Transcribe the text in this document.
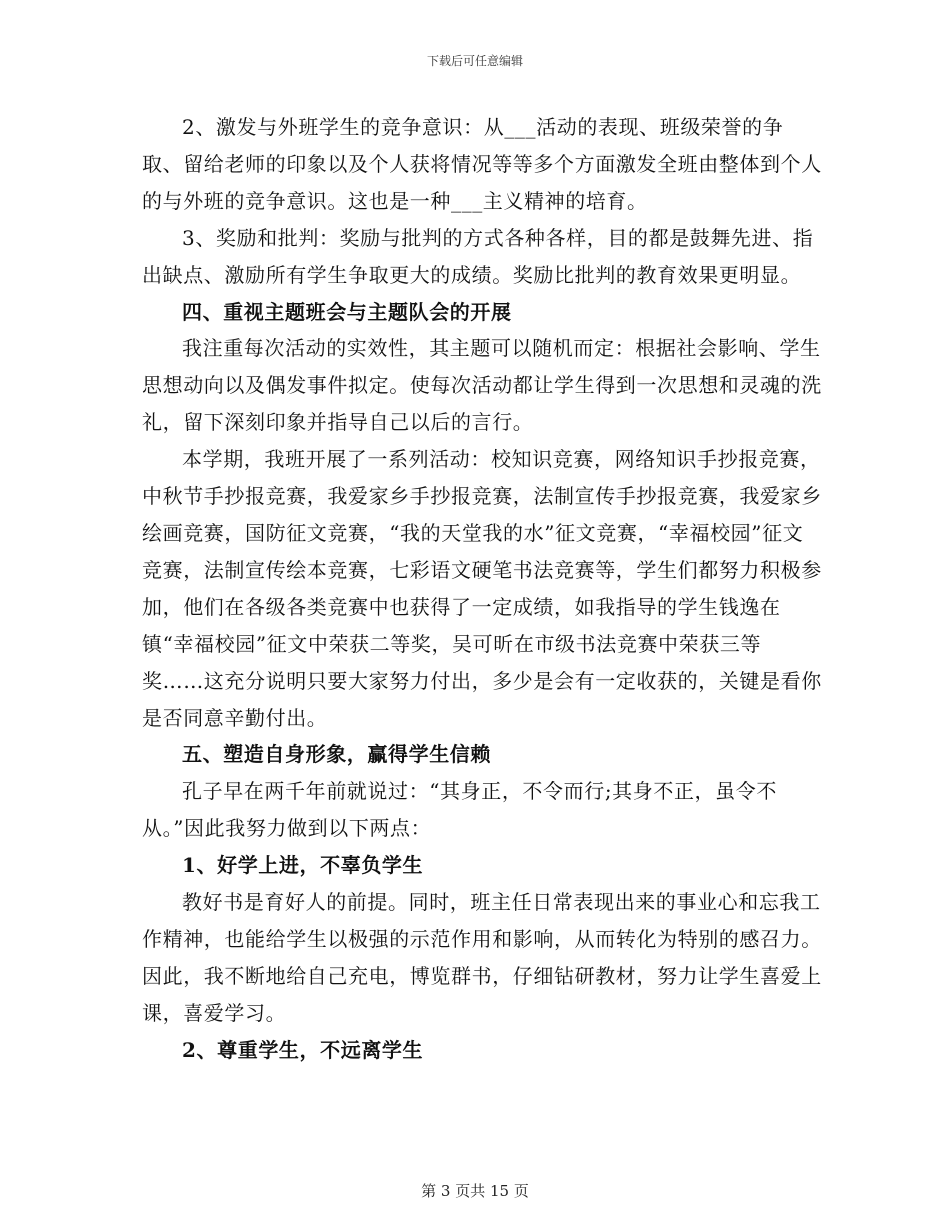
下载后可任意编辑

2、激发与外班学生的竞争意识：从___活动的表现、班级荣誉的争取、留给老师的印象以及个人获将情况等等多个方面激发全班由整体到个人的与外班的竞争意识。这也是一种___主义精神的培育。

3、奖励和批判：奖励与批判的方式各种各样，目的都是鼓舞先进、指出缺点、激励所有学生争取更大的成绩。奖励比批判的教育效果更明显。

四、重视主题班会与主题队会的开展

我注重每次活动的实效性，其主题可以随机而定：根据社会影响、学生思想动向以及偶发事件拟定。使每次活动都让学生得到一次思想和灵魂的洗礼，留下深刻印象并指导自己以后的言行。

本学期，我班开展了一系列活动：校知识竞赛，网络知识手抄报竞赛，中秋节手抄报竞赛，我爱家乡手抄报竞赛，法制宣传手抄报竞赛，我爱家乡绘画竞赛，国防征文竞赛，“我的天堂我的水”征文竞赛，“幸福校园”征文竞赛，法制宣传绘本竞赛，七彩语文硬笔书法竞赛等，学生们都努力积极参加，他们在各级各类竞赛中也获得了一定成绩，如我指导的学生钱逸在镇“幸福校园”征文中荣获二等奖，吴可昕在市级书法竞赛中荣获三等奖……这充分说明只要大家努力付出，多少是会有一定收获的，关键是看你是否同意辛勤付出。

五、塑造自身形象，赢得学生信赖

孔子早在两千年前就说过：“其身正，不令而行;其身不正，虽令不从。”因此我努力做到以下两点：

1、好学上进，不辜负学生

教好书是育好人的前提。同时，班主任日常表现出来的事业心和忘我工作精神，也能给学生以极强的示范作用和影响，从而转化为特别的感召力。因此，我不断地给自己充电，博览群书，仔细钻研教材，努力让学生喜爱上课，喜爱学习。

2、尊重学生，不远离学生

第 3 页共 15 页
